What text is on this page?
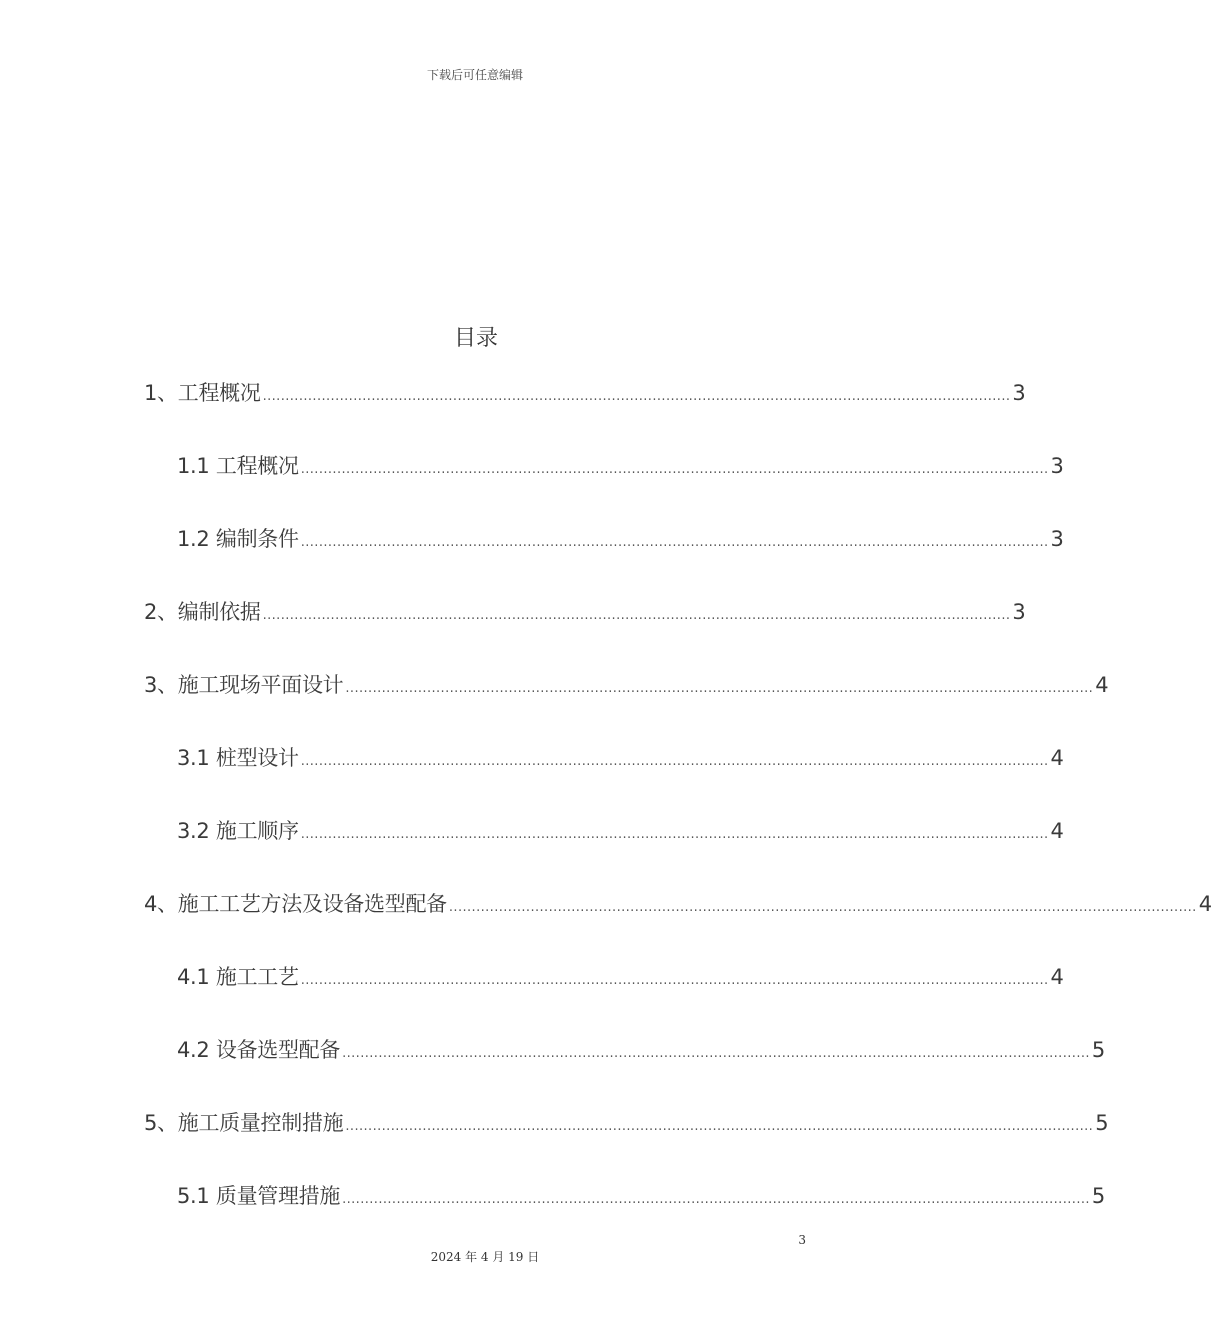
下载后可任意编辑
目录
1、工程概况 ..................................................................................................................................................................... 3
1.1 工程概况 ..................................................................................................................................................................... 3
1.2 编制条件 ..................................................................................................................................................................... 3
2、编制依据 ..................................................................................................................................................................... 3
3、施工现场平面设计 ..................................................................................................................................................................... 4
3.1 桩型设计 ..................................................................................................................................................................... 4
3.2 施工顺序 ..................................................................................................................................................................... 4
4、施工工艺方法及设备选型配备 ..................................................................................................................................................................... 4
4.1 施工工艺 ..................................................................................................................................................................... 4
4.2 设备选型配备 ..................................................................................................................................................................... 5
5、施工质量控制措施 ..................................................................................................................................................................... 5
5.1 质量管理措施 ..................................................................................................................................................................... 5
3
2024 年 4 月 19 日
